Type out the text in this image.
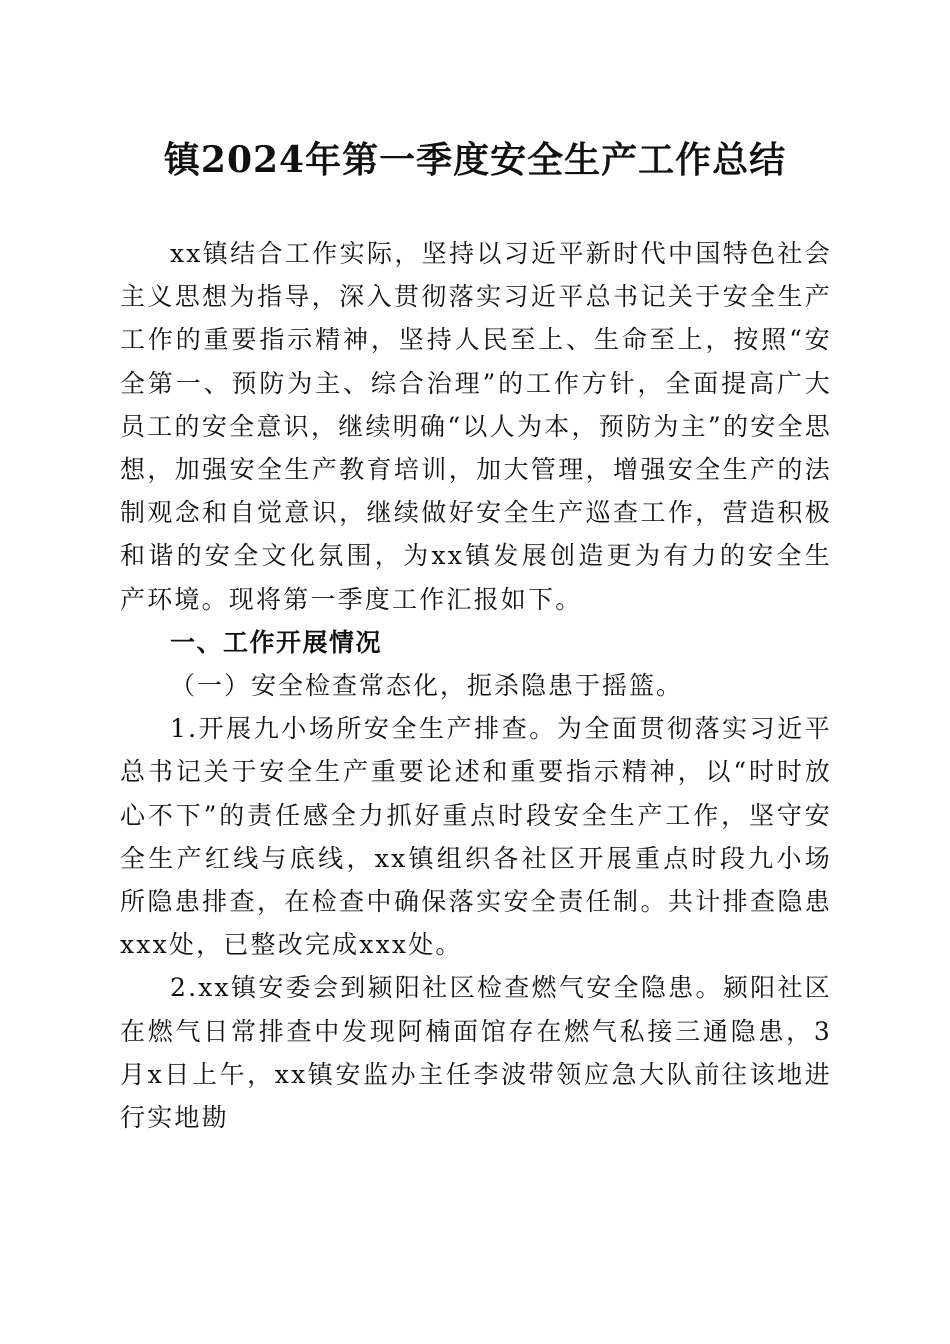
镇2024年第一季度安全生产工作总结

xx镇结合工作实际，坚持以习近平新时代中国特色社会主义思想为指导，深入贯彻落实习近平总书记关于安全生产工作的重要指示精神，坚持人民至上、生命至上，按照“安全第一、预防为主、综合治理”的工作方针，全面提高广大员工的安全意识，继续明确“以人为本，预防为主”的安全思想，加强安全生产教育培训，加大管理，增强安全生产的法制观念和自觉意识，继续做好安全生产巡查工作，营造积极和谐的安全文化氛围，为xx镇发展创造更为有力的安全生产环境。现将第一季度工作汇报如下。

一、工作开展情况

（一）安全检查常态化，扼杀隐患于摇篮。

1.开展九小场所安全生产排查。为全面贯彻落实习近平总书记关于安全生产重要论述和重要指示精神，以“时时放心不下”的责任感全力抓好重点时段安全生产工作，坚守安全生产红线与底线，xx镇组织各社区开展重点时段九小场所隐患排查，在检查中确保落实安全责任制。共计排查隐患xxx处，已整改完成xxx处。

2.xx镇安委会到颍阳社区检查燃气安全隐患。颍阳社区在燃气日常排查中发现阿楠面馆存在燃气私接三通隐患，3月x日上午，xx镇安监办主任李波带领应急大队前往该地进行实地勘
